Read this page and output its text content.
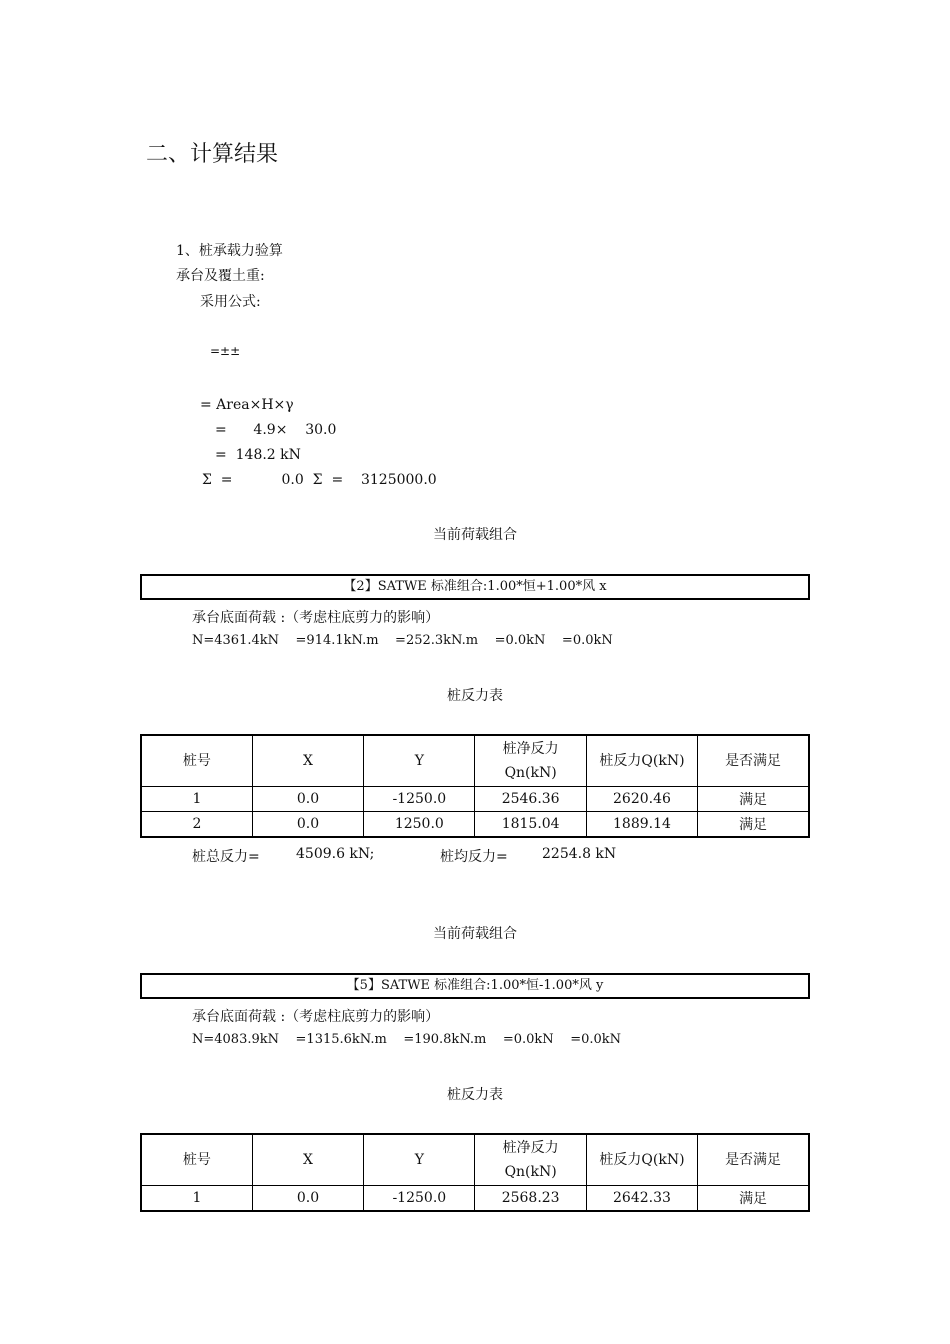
二、计算结果
1、桩承载力验算
承台及覆土重:
采用公式:
=±±
= Area×H×γ
=      4.9×    30.0
=  148.2 kN
Σ  =           0.0  Σ  =    3125000.0
当前荷载组合
【2】SATWE 标准组合:1.00*恒+1.00*风 x
承台底面荷载 :（考虑柱底剪力的影响）
N=4361.4kN    =914.1kN.m    =252.3kN.m    =0.0kN    =0.0kN
桩反力表
桩号	X	Y	桩净反力Qn(kN)	桩反力Q(kN)	是否满足
1	0.0	-1250.0	2546.36	2620.46	满足
2	0.0	1250.0	1815.04	1889.14	满足
桩总反力=	4509.6 kN;	桩均反力= 2254.8 kN
当前荷载组合
【5】SATWE 标准组合:1.00*恒-1.00*风 y
承台底面荷载 :（考虑柱底剪力的影响）
N=4083.9kN    =1315.6kN.m    =190.8kN.m    =0.0kN    =0.0kN
桩反力表
桩号	X	Y	桩净反力Qn(kN)	桩反力Q(kN)	是否满足
1	0.0	-1250.0	2568.23	2642.33	满足
